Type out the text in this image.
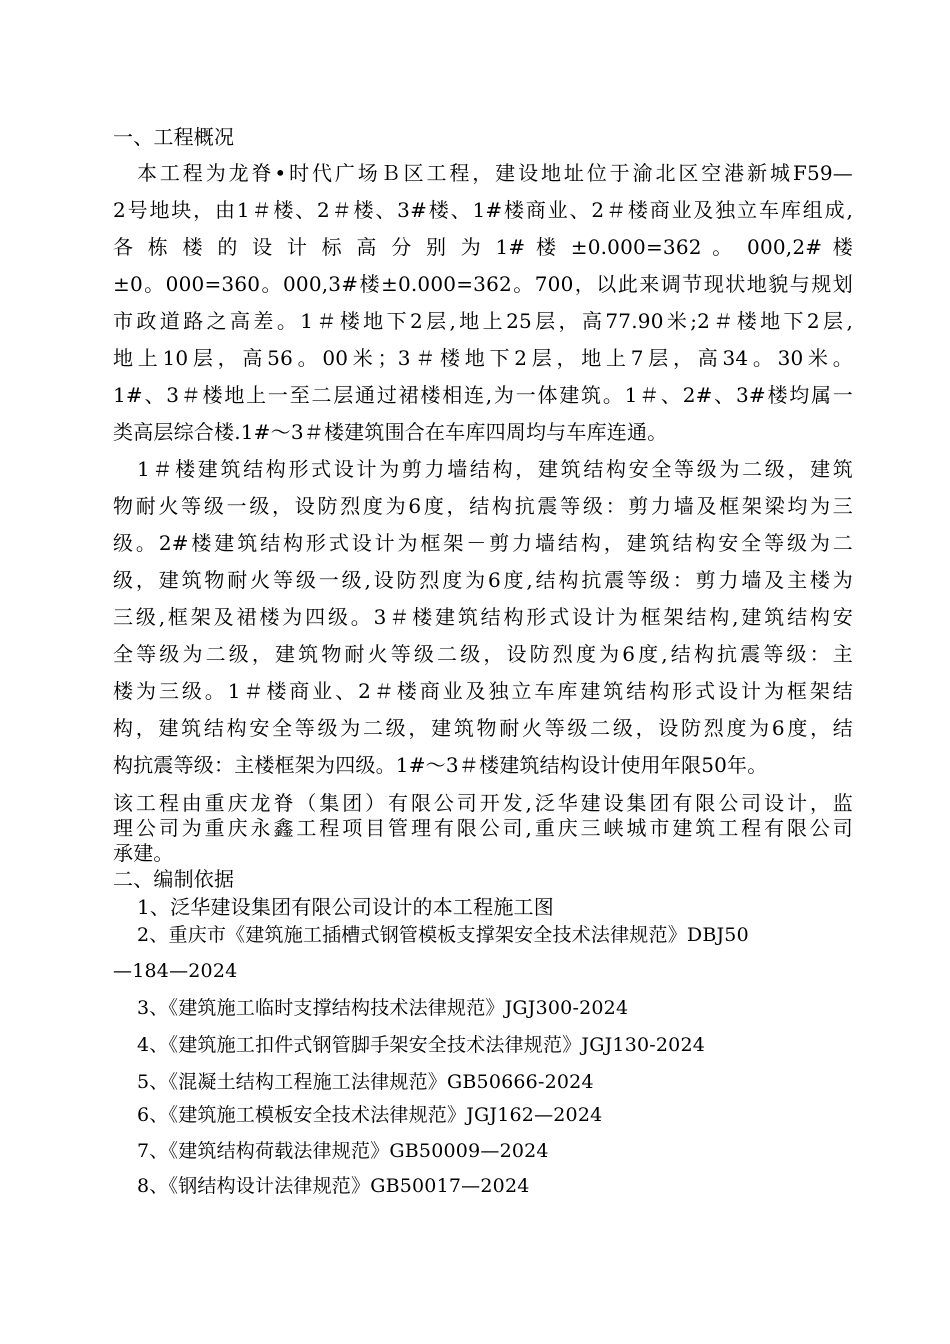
一、工程概况
本工程为龙脊•时代广场Ｂ区工程，建设地址位于渝北区空港新城F59—
2号地块，由1＃楼、2＃楼、3#楼、1#楼商业、2＃楼商业及独立车库组成,
各 栋 楼 的 设 计 标 高 分 别 为 1# 楼 ±0.000=362 。 000,2# 楼
±0。000=360。000,3#楼±0.000=362。700，以此来调节现状地貌与规划
市政道路之高差。1＃楼地下2层,地上25层，高77.90米;2＃楼地下2层,
地上10层，高56。00米；3＃楼地下2层，地上7层，高34。30米。
1#、3＃楼地上一至二层通过裙楼相连,为一体建筑。1＃、2#、3#楼均属一
类高层综合楼.1#～3＃楼建筑围合在车库四周均与车库连通。
1＃楼建筑结构形式设计为剪力墙结构，建筑结构安全等级为二级，建筑
物耐火等级一级，设防烈度为6度，结构抗震等级：剪力墙及框架梁均为三
级。2#楼建筑结构形式设计为框架－剪力墙结构，建筑结构安全等级为二
级，建筑物耐火等级一级,设防烈度为6度,结构抗震等级：剪力墙及主楼为
三级,框架及裙楼为四级。3＃楼建筑结构形式设计为框架结构,建筑结构安
全等级为二级，建筑物耐火等级二级，设防烈度为6度,结构抗震等级：主
楼为三级。1＃楼商业、2＃楼商业及独立车库建筑结构形式设计为框架结
构，建筑结构安全等级为二级，建筑物耐火等级二级，设防烈度为6度，结
构抗震等级：主楼框架为四级。1#～3＃楼建筑结构设计使用年限50年。
该工程由重庆龙脊（集团）有限公司开发,泛华建设集团有限公司设计，监
理公司为重庆永鑫工程项目管理有限公司,重庆三峡城市建筑工程有限公司
承建。
二、编制依据
1、泛华建设集团有限公司设计的本工程施工图
2、重庆市《建筑施工插槽式钢管模板支撑架安全技术法律规范》DBJ50
—184—2024
3、《建筑施工临时支撑结构技术法律规范》JGJ300-2024
4、《建筑施工扣件式钢管脚手架安全技术法律规范》JGJ130-2024
5、《混凝土结构工程施工法律规范》GB50666-2024
6、《建筑施工模板安全技术法律规范》JGJ162—2024
7、《建筑结构荷载法律规范》GB50009—2024
8、《钢结构设计法律规范》GB50017—2024
